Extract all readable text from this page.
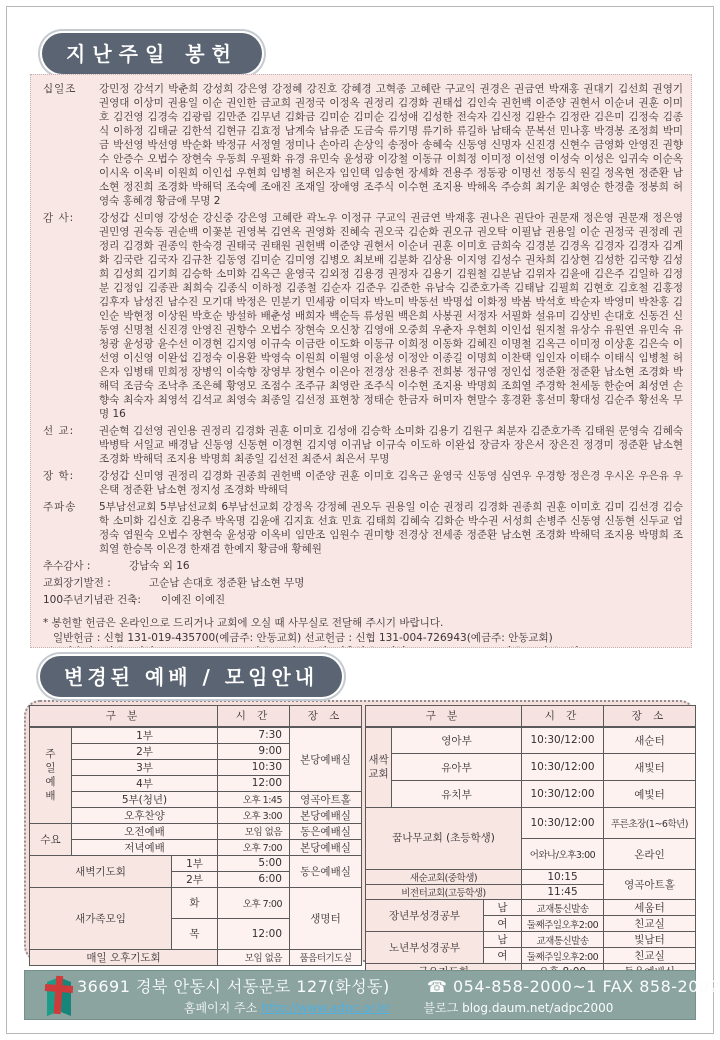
지난주일 봉헌
십일조	강민정 강석기 박춘희 강성희 강은영 강정혜 강진호 강혜경 고혁종 고혜란 구교익 권경은 권금연 박재홍 권대기 김선희 권영기 권영대 이상미 권용일 이순 권인한 금교희 권정국 이정옥 권정리 김경화 권태섭 김인숙 권헌백 이준양 권현서 이순녀 권훈 이미호 김건영 김경숙 김광림 김만준 김무년 김화금 김미순 김미순 김성애 김성한 전숙자 김신정 김완수 김정란 김은미 김정숙 김종식 이하정 김태균 김한석 김현규 김효정 남계숙 남유준 도금숙 류기명 류기하 류길하 남태숙 문복선 민나홍 박경봉 조정희 박미금 박선영 박선영 박순화 박정규 서정열 정미나 손아리 손상익 송정아 송혜숙 신동영 신명자 신진경 신현수 금영화 안영진 권향수 안증수 오법수 장현숙 우동희 우필화 유경 유민숙 윤성광 이강철 이동규 이희정 이미정 이선영 이성숙 이성은 임귀숙 이순옥 이시옥 이옥비 이원희 이인섭 우현희 임병철 허은자 임인택 임송현 장세화 전용주 정동광 이명선 정동식 원길 정옥현 정준환 남소현 정진희 조경화 박해덕 조숙예 조애진 조재일 장애영 조주식 이수현 조지용 박해옥 주승희 최기운 최영순 한경출 정봉희 허영숙 홍혜경 황금애 무명 2
감 사:	강성갑 신미영 강성순 강신중 강은영 고혜란 곽노우 이정규 구교익 권금연 박재홍 권나은 권단아 권문재 정은영 권문재 정은영 권민영 권숙동 권순백 이꽃분 권영복 김연옥 권영화 진혜숙 권오국 김순화 권오규 권오탁 이필남 권용일 이순 권정국 권정례 권정리 김경화 권종익 한숙경 권태국 권태원 권헌백 이준양 권현서 이순녀 권훈 이미호 금희숙 김경분 김경옥 김경자 김경자 김계화 김국란 김국자 김규찬 김동영 김미순 김미영 김병오 최보배 김분화 김상용 이지영 김성수 권차희 김상현 김성한 김국향 김성희 김성희 김기희 김승학 소미화 김옥근 윤영국 김외정 김용경 권정자 김용기 김원철 김분남 김위자 김윤애 김은주 김일하 김정분 김정임 김종관 최희숙 김종식 이하정 김종철 김순자 김준우 김준한 유남숙 김준호가족 김태남 김필희 김현호 김호철 김홍정 김후자 남성진 남수진 모기대 박정은 민분기 민세광 이덕자 박노미 박동선 박명섭 이화정 박봄 박석호 박순자 박영미 박찬홍 김인순 박현정 이상원 박호순 방설하 배춘성 배희자 백순득 류성원 백은희 사봉권 서정자 서필화 설유미 김상빈 손대호 신동건 신동영 신명철 신진경 안영진 권향수 오법수 장현숙 오신창 김영애 오중희 우춘자 우현희 이인섭 원지철 유상수 유원연 유민숙 유청광 윤성광 윤수선 이경현 김지영 이규숙 이금란 이도화 이동규 이희정 이동화 김혜진 이명철 김옥근 이미정 이상훈 김은숙 이선영 이신영 이완섭 김정숙 이용환 박영숙 이원희 이월영 이윤성 이정안 이종길 이명희 이찬택 임인자 이태수 이태식 임병철 허은자 임병태 민희정 장병익 이숙향 장영부 장현수 이은아 전경상 전용주 전희봉 정규영 정인섭 정준환 정준환 남소현 조경화 박해덕 조금숙 조낙추 조은혜 황영모 조점수 조주규 최영란 조주식 이수현 조지용 박명희 조희열 주경학 천세동 한순여 최성연 손향숙 최숙자 최영석 김석교 최영숙 최종일 김선정 표현창 정태순 한금자 허미자 현말수 홍경환 홍선미 황대성 김순주 황선옥 무명 16
선 교:	권순혁 김선영 권인용 권정리 김경화 권훈 이미호 김성애 김승학 소미화 김용기 김원구 최분자 김준호가족 김태원 문영숙 김혜숙 박병탁 서일교 배경남 신동영 신동현 이경현 김지영 이귀남 이규숙 이도하 이완섭 장금자 장은서 장은진 정경미 정준환 남소현 조경화 박해덕 조지용 박명희 최종일 김선전 최준서 최은서 무명
장 학:	강성갑 신미영 권정리 김경화 권종희 권헌백 이준양 권훈 이미호 김옥근 윤영국 신동영 심연우 우경항 정은경 우시온 우은유 우은택 정준환 남소현 정지성 조경화 박해덕
주파송	5부남선교회 5부남선교회 6부남선교회 강정옥 강정혜 권오두 권용일 이순 권정리 김경화 권종희 권훈 이미호 김미 김선경 김승학 소미화 김신호 김용주 박옥명 김윤애 김지효 선효 민효 김태희 김혜숙 김화순 박수권 서성희 손병주 신동영 신동현 신두교 엄정숙 염원숙 오법수 장현숙 윤성광 이옥비 임만조 임원수 권미향 전경상 전세종 정준환 남소현 조경화 박해덕 조지용 박명희 조희열 한승목 이은경 한재겸 한예지 황금애 황혜원
추수감사 :	강남숙 외 16
교회장기발전 :	고순남 손대호 정준환 남소현 무명
100주년기념관 건축:	이예진 이예진
* 봉헌할 헌금은 온라인으로 드리거나 교회에 오실 때 사무실로 전달해 주시기 바랍니다.
일반헌금 : 신협 131-019-435700(예금주: 안동교회) 선교헌금 : 신협 131-004-726943(예금주: 안동교회)
변경된 예배 / 모임안내
구 분			시 간	장 소
주일예배	1부		7:30	본당예배실
	2부		9:00	
	3부		10:30	
	4부		12:00	
	5부(청년)		오후 1:45	영곡아트홀
	오후찬양		오후 3:00	본당예배실
수요	오전예배		모임 없음	동은예배실
	저녁예배		오후 7:00	본당예배실
새벽기도회		1부	5:00	동은예배실
		2부	6:00	
새가족모임		화	오후 7:00	생명터
		목	12:00	
매일 오후기도회			모임 없음	품음터기도실
구 분			시 간	장 소
새싹교회	영아부		10:30/12:00	새순터
	유아부		10:30/12:00	새빛터
	유치부		10:30/12:00	예빛터
꿈나무교회 (초등학생)			10:30/12:00	푸른초장(1~6학년)
			어와나/오후3:00	온라인
새순교회(중학생)			10:15	영곡아트홀
비전터교회(고등학생)			11:45	
장년부성경공부		남	교재통신발송	세움터
		여	둘째주일오후2:00	친교실
노년부성경공부		남	교재통신발송	빛남터
		여	둘째주일오후2:00	친교실

36691 경북 안동시 서동문로 127(화성동) ☎ 054-858-2000~1 FAX 858-2002
홈페이지 주소 http://www.adpc.or.kr	블로그 blog.daum.net/adpc2000
